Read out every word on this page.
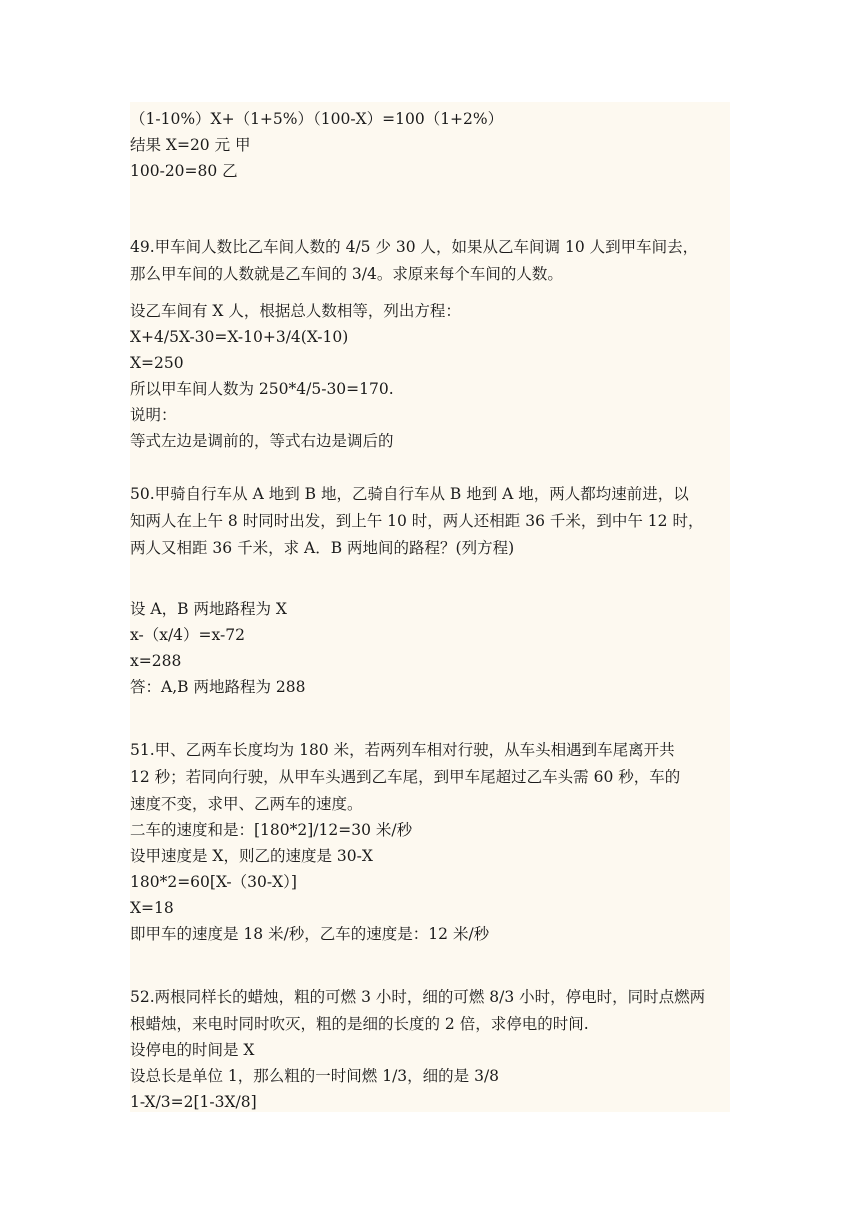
（1-10%）X+（1+5%）（100-X）=100（1+2%）
结果 X=20 元 甲
100-20=80 乙
49.甲车间人数比乙车间人数的 4/5 少 30 人，如果从乙车间调 10 人到甲车间去，
那么甲车间的人数就是乙车间的 3/4。求原来每个车间的人数。
设乙车间有 X 人，根据总人数相等，列出方程：
X+4/5X-30=X-10+3/4(X-10)
X=250
所以甲车间人数为 250*4/5-30=170.
说明：
等式左边是调前的，等式右边是调后的
50.甲骑自行车从 A 地到 B 地，乙骑自行车从 B 地到 A 地，两人都均速前进，以
知两人在上午 8 时同时出发，到上午 10 时，两人还相距 36 千米，到中午 12 时，
两人又相距 36 千米，求 A．B 两地间的路程？(列方程)
设 A，B 两地路程为 X
x-（x/4）=x-72
x=288
答：A,B 两地路程为 288
51.甲、乙两车长度均为 180 米，若两列车相对行驶，从车头相遇到车尾离开共
12 秒；若同向行驶，从甲车头遇到乙车尾，到甲车尾超过乙车头需 60 秒，车的
速度不变，求甲、乙两车的速度。
二车的速度和是：[180*2]/12=30 米/秒
设甲速度是 X，则乙的速度是 30-X
180*2=60[X-（30-X）]
X=18
即甲车的速度是 18 米/秒，乙车的速度是：12 米/秒
52.两根同样长的蜡烛，粗的可燃 3 小时，细的可燃 8/3 小时，停电时，同时点燃两
根蜡烛，来电时同时吹灭，粗的是细的长度的 2 倍，求停电的时间.
设停电的时间是 X
设总长是单位 1，那么粗的一时间燃 1/3，细的是 3/8
1-X/3=2[1-3X/8]
